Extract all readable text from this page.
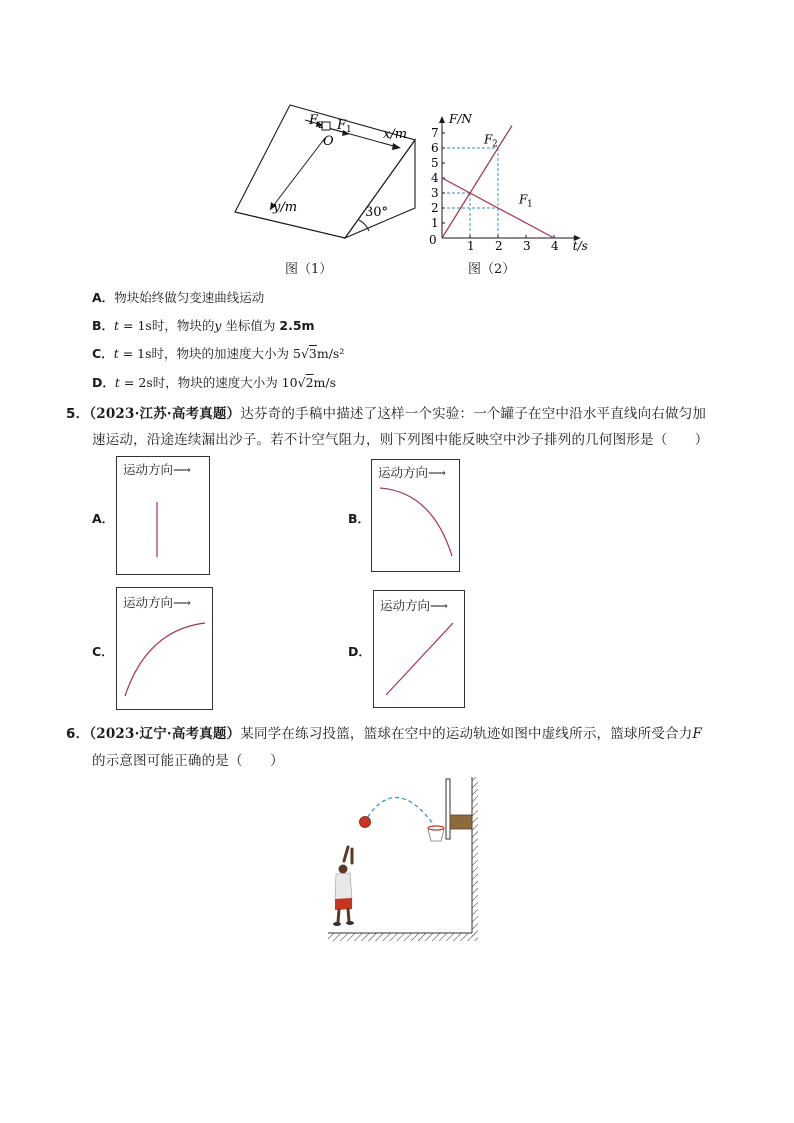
F 2 F 1
O	x/m
y/m	30°
图（1）
1 2 3 4
1
2
3
4
5
6
7
0	t/s
F/N
F 2
F 1
图（2）
A．物块始终做匀变速曲线运动
B．t = 1s时，物块的y 坐标值为 2.5m
C．t = 1s时，物块的加速度大小为 5√3m/s²
D．t = 2s时，物块的速度大小为 10√2m/s
5．（2023·江苏·高考真题）达芬奇的手稿中描述了这样一个实验：一个罐子在空中沿水平直线向右做匀加
速运动，沿途连续漏出沙子。若不计空气阻力，则下列图中能反映空中沙子排列的几何图形是（　　）
A．
运动方向⟶
B．
运动方向⟶
C．
运动方向⟶
D．
运动方向⟶
6．（2023·辽宁·高考真题）某同学在练习投篮，篮球在空中的运动轨迹如图中虚线所示，篮球所受合力F
的示意图可能正确的是（　　）
